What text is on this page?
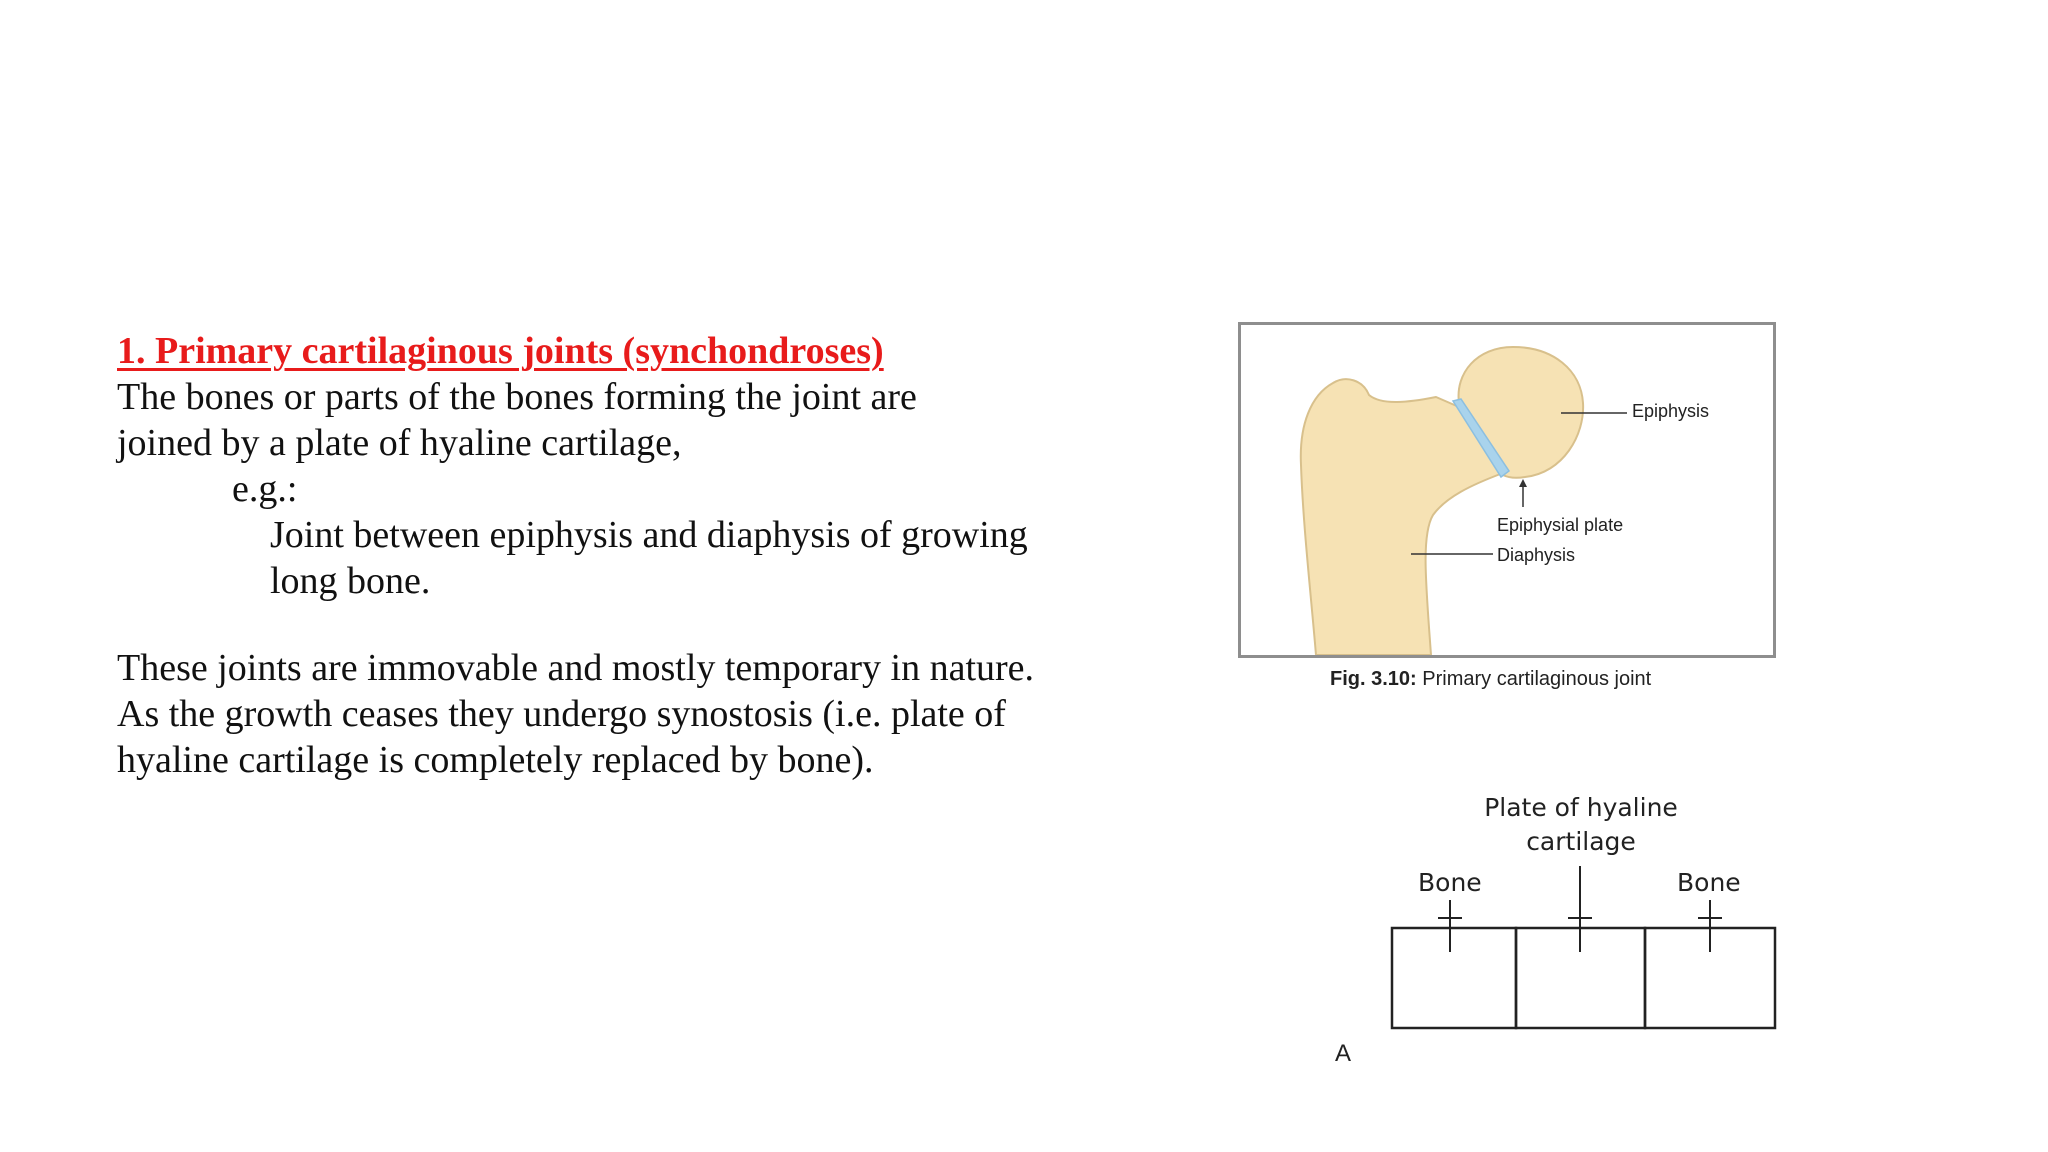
1. Primary cartilaginous joints (synchondroses)
The bones or parts of the bones forming the joint are
joined by a plate of hyaline cartilage,
e.g.:
Joint between epiphysis and diaphysis of growing
long bone.
These joints are immovable and mostly temporary in nature.
As the growth ceases they undergo synostosis (i.e. plate of
hyaline cartilage is completely replaced by bone).
Epiphysis
Epiphysial plate
Diaphysis
Fig. 3.10: Primary cartilaginous joint
Plate of hyaline
cartilage
Bone	Bone
A
